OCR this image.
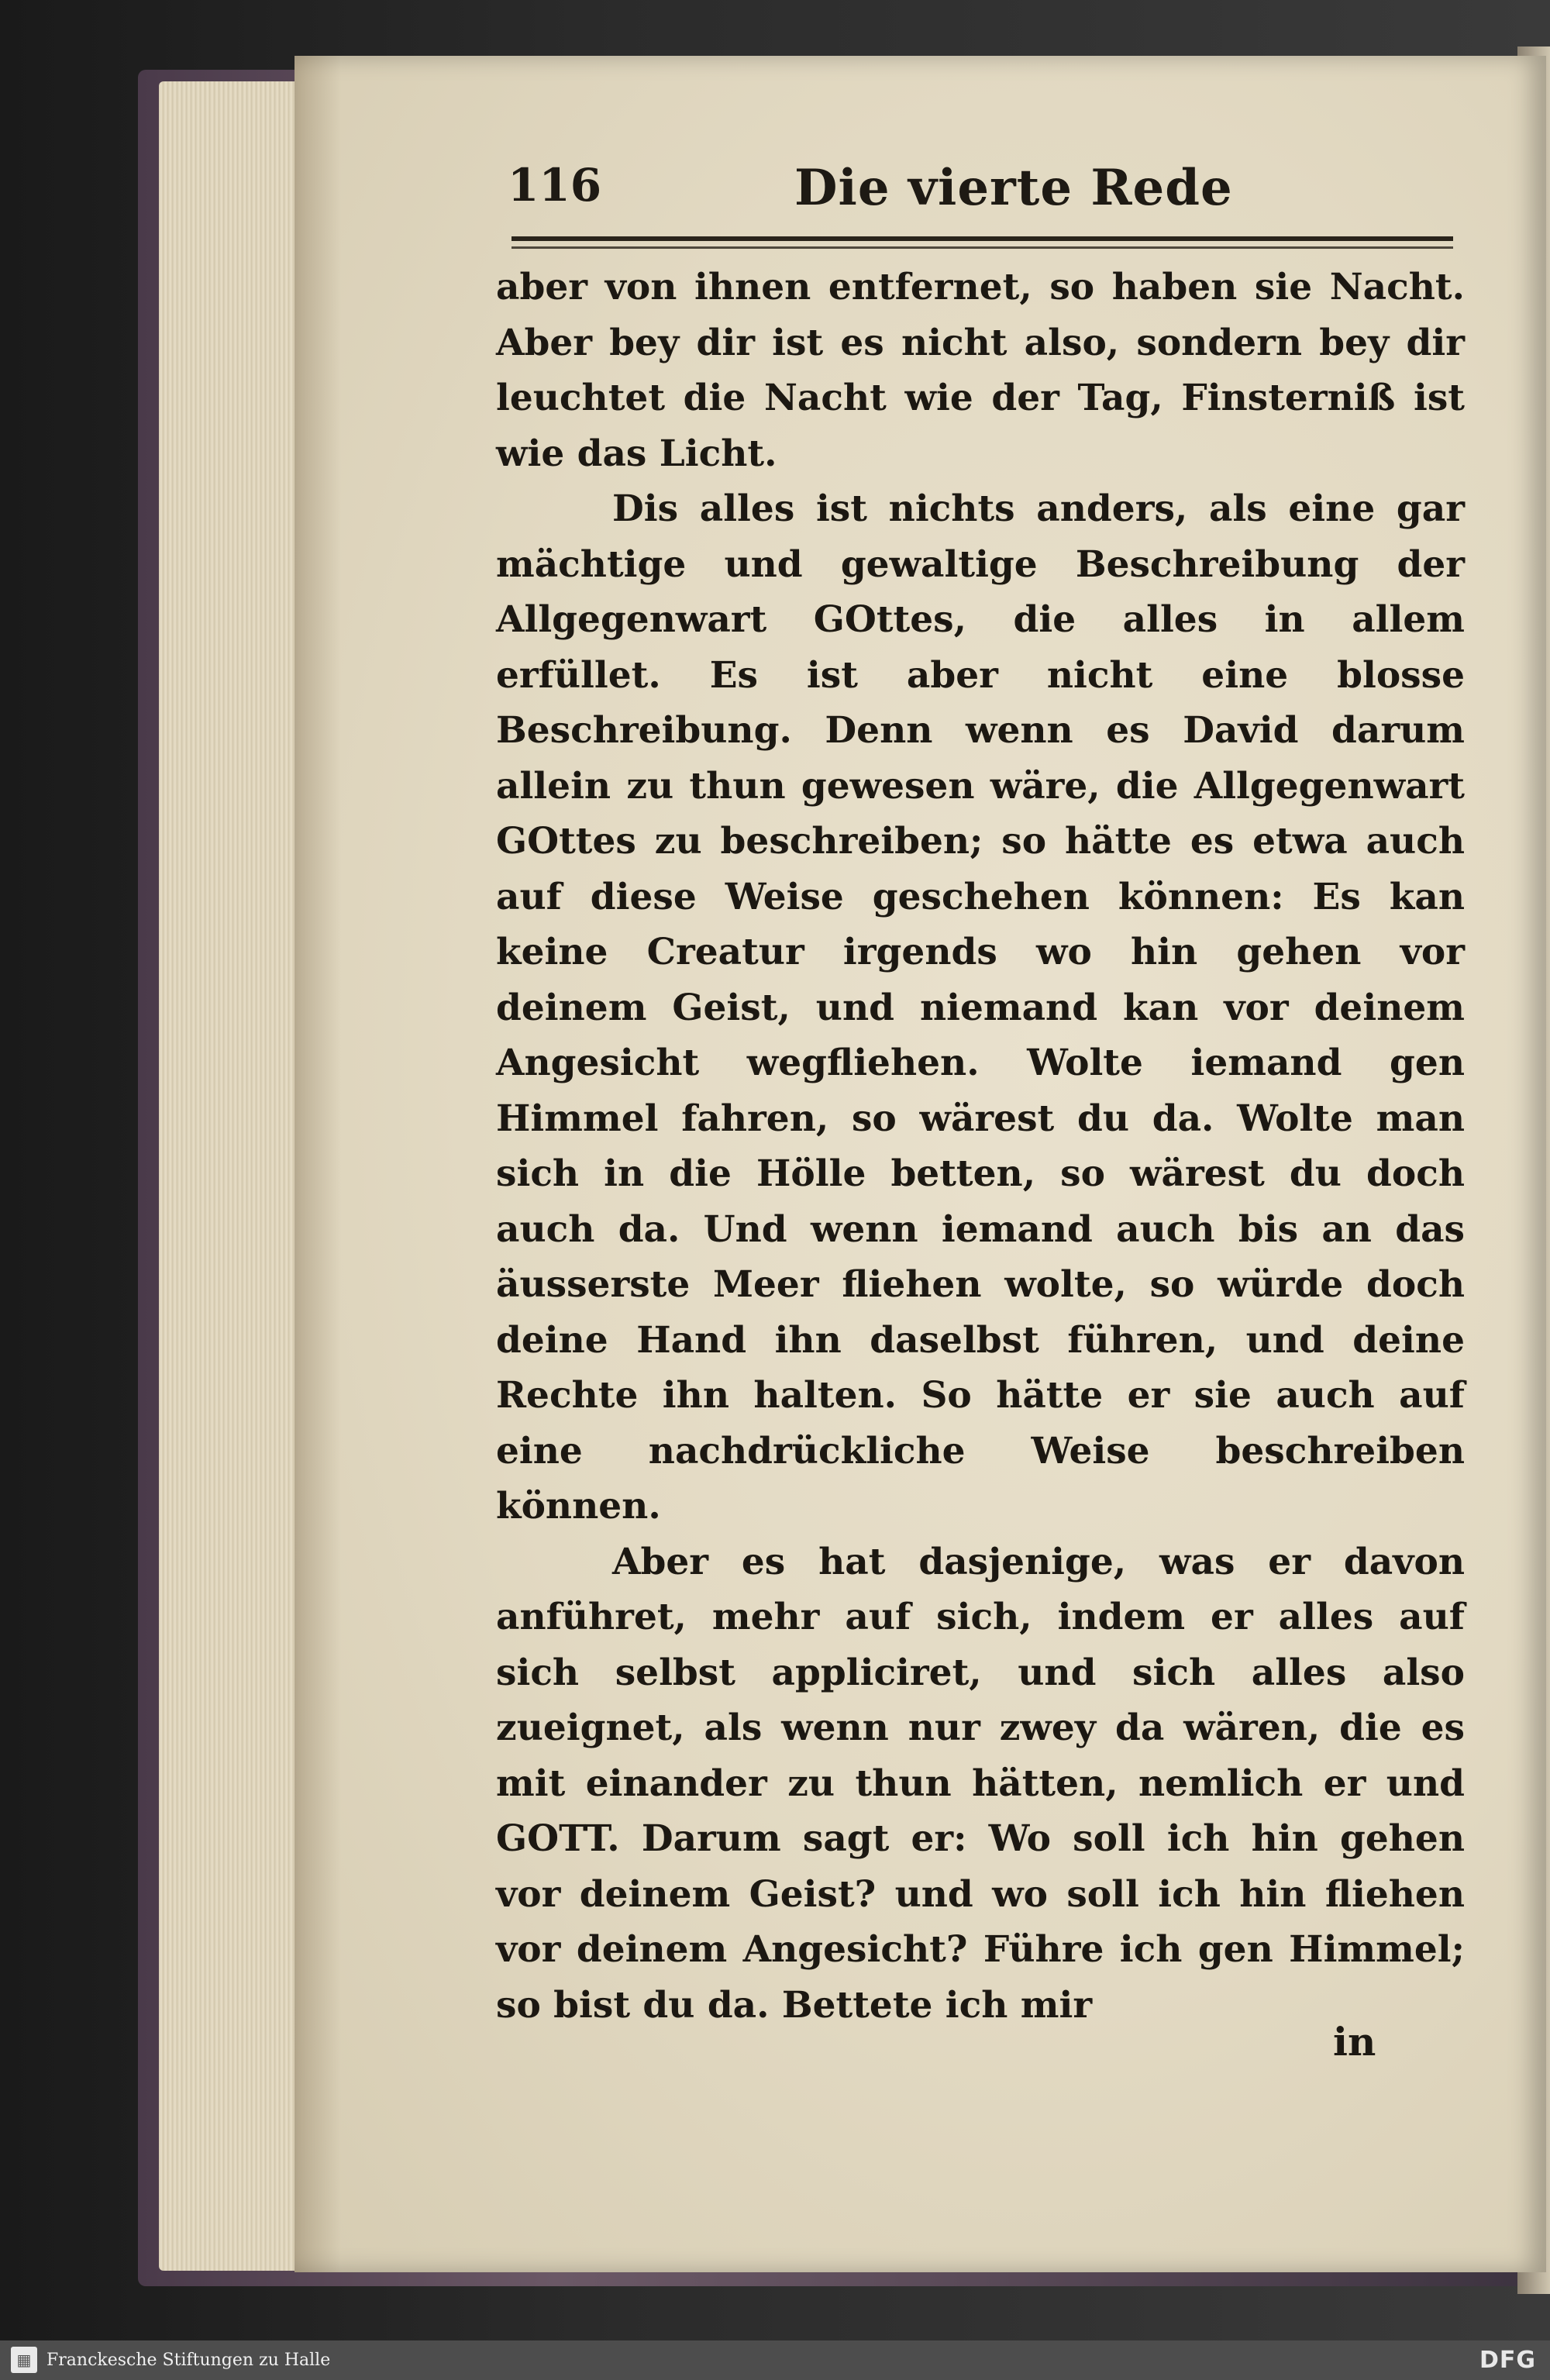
116	Die vierte Rede

aber von ihnen entfernet, so haben sie Nacht. Aber bey dir ist es nicht also, sondern bey dir leuchtet die Nacht wie der Tag, Finsterniß ist wie das Licht.

Dis alles ist nichts anders, als eine gar mächtige und gewaltige Beschreibung der Allgegenwart GOttes, die alles in allem erfüllet. Es ist aber nicht eine blosse Beschreibung. Denn wenn es David darum allein zu thun gewesen wäre, die Allgegenwart GOttes zu beschreiben; so hätte es etwa auch auf diese Weise geschehen können: Es kan keine Creatur irgends wo hin gehen vor deinem Geist, und niemand kan vor deinem Angesicht wegfliehen. Wolte iemand gen Himmel fahren, so wärest du da. Wolte man sich in die Hölle betten, so wärest du doch auch da. Und wenn iemand auch bis an das äusserste Meer fliehen wolte, so würde doch deine Hand ihn daselbst führen, und deine Rechte ihn halten. So hätte er sie auch auf eine nachdrückliche Weise beschreiben können.

Aber es hat dasjenige, was er davon anführet, mehr auf sich, indem er alles auf sich selbst appliciret, und sich alles also zueignet, als wenn nur zwey da wären, die es mit einander zu thun hätten, nemlich er und GOTT. Darum sagt er: Wo soll ich hin gehen vor deinem Geist? und wo soll ich hin fliehen vor deinem Angesicht? Führe ich gen Himmel; so bist du da. Bettete ich mir

in
▦ Franckesche Stiftungen zu Halle	DFG
